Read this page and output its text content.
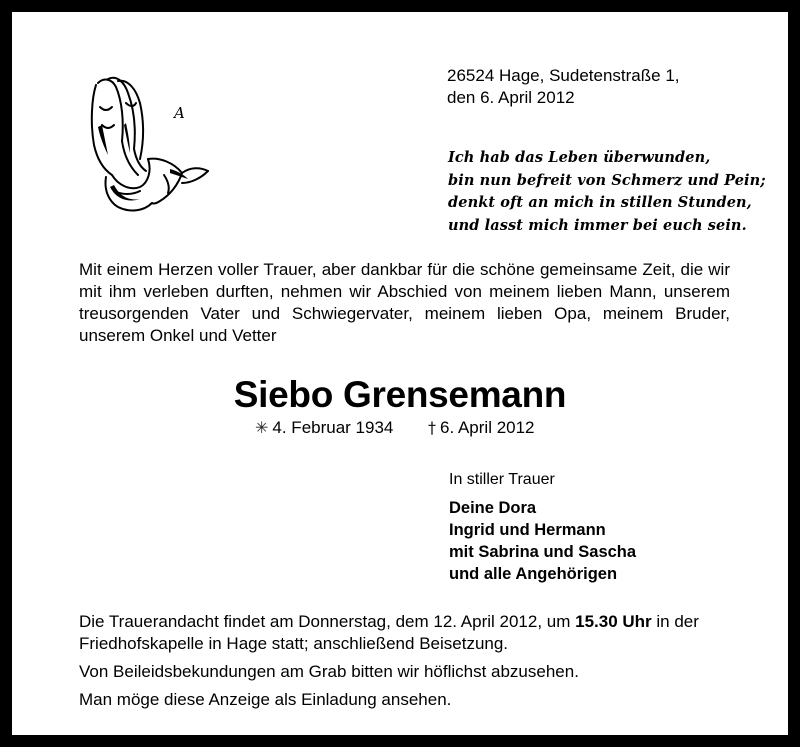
A
26524 Hage, Sudetenstraße 1,
den 6. April 2012
Ich hab das Leben überwunden,
bin nun befreit von Schmerz und Pein;
denkt oft an mich in stillen Stunden,
und lasst mich immer bei euch sein.
Mit einem Herzen voller Trauer, aber dankbar für die schöne gemeinsame Zeit, die wir mit ihm verleben durften, nehmen wir Abschied von meinem lieben Mann, unserem treusorgenden Vater und Schwiegervater, meinem lieben Opa, meinem Bruder, unserem Onkel und Vetter
Siebo Grensemann
✳ 4. Februar 1934 † 6. April 2012
In stiller Trauer
Deine Dora
Ingrid und Hermann
mit Sabrina und Sascha
und alle Angehörigen

Die Trauerandacht findet am Donnerstag, dem 12. April 2012, um 15.30 Uhr in der Friedhofskapelle in Hage statt; anschließend Beisetzung.

Von Beileidsbekundungen am Grab bitten wir höflichst abzusehen.

Man möge diese Anzeige als Einladung ansehen.
